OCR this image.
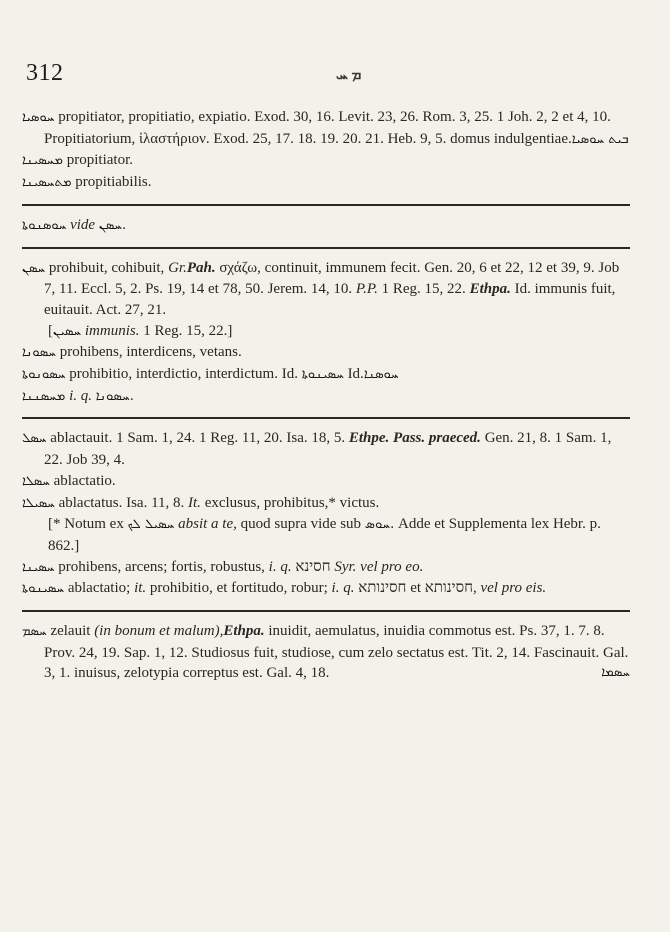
312	ܡ ܚ

ܚܘܣܝܐ propitiator, propitiatio, expiatio. Exod. 30, 16. Levit. 23, 26. Rom. 3, 25. 1 Joh. 2, 2 et 4, 10. Propitiatorium, ἱλαστήριον. Exod. 25, 17. 18. 19. 20. 21. Heb. 9, 5. domus indulgentiae.ܒܝܬ ܚܘܣܝܐ

ܡܚܣܝܢܐ propitiator.

ܡܬܚܣܝܢܐ propitiabilis.

ܚܘܣܢܘܬܐ vide ܚܣܢ.

ܚܣܢ prohibuit, cohibuit, Gr.Pah. σχάζω, continuit, immunem fecit. Gen. 20, 6 et 22, 12 et 39, 9. Job 7, 11. Eccl. 5, 2. Ps. 19, 14 et 78, 50. Jerem. 14, 10. P.P. 1 Reg. 15, 22. Ethpa. Id. immunis fuit, euitauit. Act. 27, 21.

[ܚܣܝܢ immunis. 1 Reg. 15, 22.]

ܚܣܘܢܐ prohibens, interdicens, vetans.

ܚܣܘܢܘܬܐ prohibitio, interdictio, interdictum. Id. ܚܣܝܢܘܬܐ Id.ܚܘܣܢܐ

ܡܚܣܢܢܐ i. q. ܚܣܘܢܐ.

ܚܣܠ ablactauit. 1 Sam. 1, 24. 1 Reg. 11, 20. Isa. 18, 5. Ethpe. Pass. praeced. Gen. 21, 8. 1 Sam. 1, 22. Job 39, 4.

ܚܣܠܐ ablactatio.

ܚܣܝܠܐ ablactatus. Isa. 11, 8. It. exclusus, prohibitus,* victus.

[* Notum ex ܚܣܝܠ ܠܟ absit a te, quod supra vide sub ܚܘܣ. Adde et Supplementa lex Hebr. p. 862.]

ܚܣܝܢܐ prohibens, arcens; fortis, robustus, i. q. חסינא Syr. vel pro eo.

ܚܣܝܢܘܬܐ ablactatio; it. prohibitio, et fortitudo, robur; i. q. חסינותא et חסינותא, vel pro eis.

ܚܣܡ zelauit (in bonum et malum),Ethpa. inuidit, aemulatus, inuidia commotus est. Ps. 37, 1. 7. 8. Prov. 24, 19. Sap. 1, 12. Studiosus fuit, studiose, cum zelo sectatus est. Tit. 2, 14. Fascinauit. Gal. 3, 1. inuisus, zelotypia correptus est. Gal. 4, 18.	ܚܣܡܐ
